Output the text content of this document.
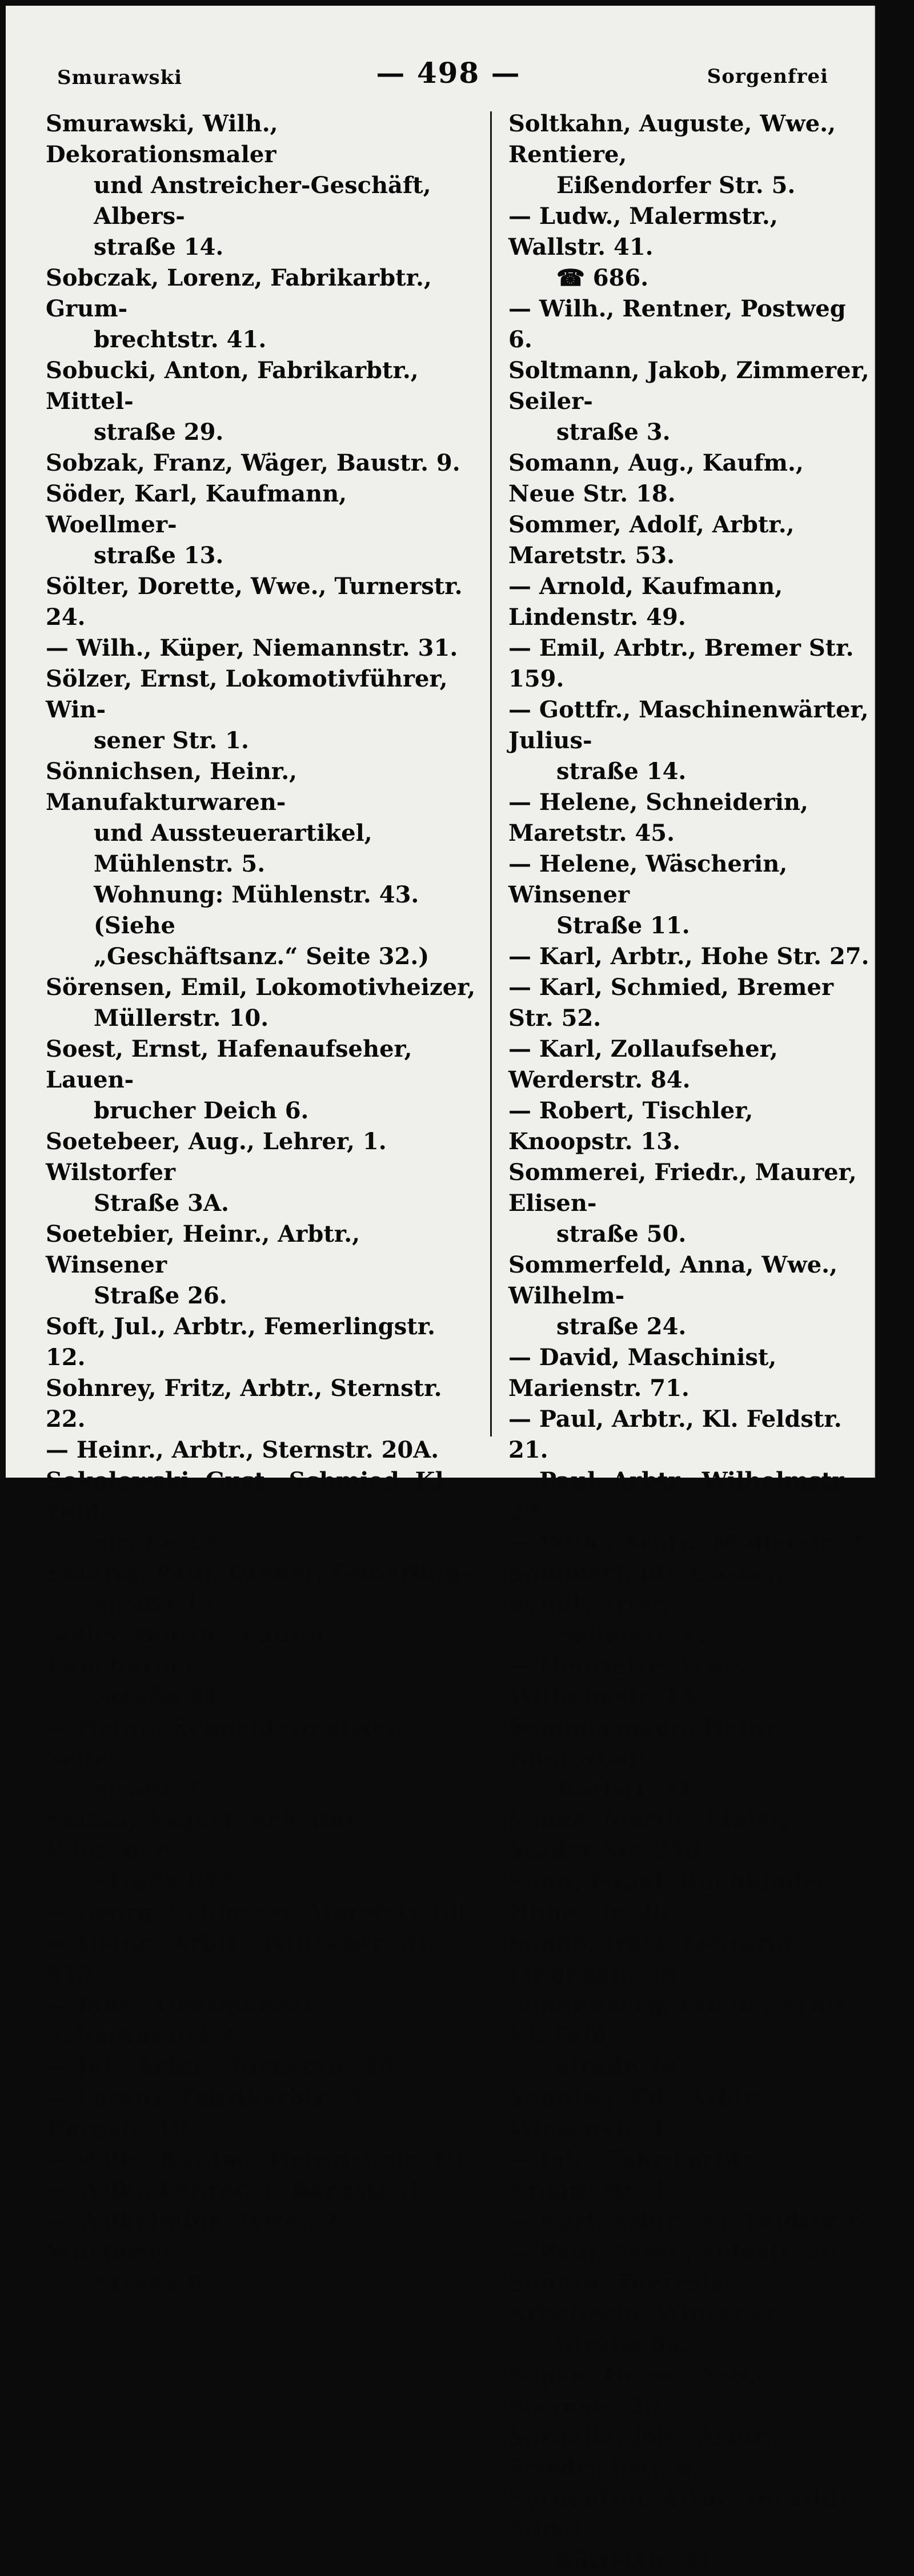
Smurawski	— 498 —	Sorgenfrei
Smurawski, Wilh., Dekorationsmaler
und Anstreicher-Geschäft, Albers-
straße 14.
Sobczak, Lorenz, Fabrikarbtr., Grum-
brechtstr. 41.
Sobucki, Anton, Fabrikarbtr., Mittel-
straße 29.
Sobzak, Franz, Wäger, Baustr. 9.
Söder, Karl, Kaufmann, Woellmer-
straße 13.
Sölter, Dorette, Wwe., Turnerstr. 24.
— Wilh., Küper, Niemannstr. 31.
Sölzer, Ernst, Lokomotivführer, Win-
sener Str. 1.
Sönnichsen, Heinr., Manufakturwaren-
und Aussteuerartikel, Mühlenstr. 5.
Wohnung: Mühlenstr. 43. (Siehe
„Geschäftsanz.“ Seite 32.)
Sörensen, Emil, Lokomotivheizer,
Müllerstr. 10.
Soest, Ernst, Hafenaufseher, Lauen-
brucher Deich 6.
Soetebeer, Aug., Lehrer, 1. Wilstorfer
Straße 3A.
Soetebier, Heinr., Arbtr., Winsener
Straße 26.
Soft, Jul., Arbtr., Femerlingstr. 12.
Sohnrey, Fritz, Arbtr., Sternstr. 22.
— Heinr., Arbtr., Sternstr. 20A.
Sokolowski, Gust., Schmied, Kl. Feld-
straße 23.
Solbrig, Paul, Dreher, Femerling-
straße 17.
Soller, Bernh., Kaufm., Lüneburger
Straße 44.
— Heinr., Schneidermeister, Seiler-
straße 3.
Soltau, August, Arbeiter, Winsener
Straße 81A.
— Georg, Schlosser, Maretstr. 60.
— Heinr., Arbtr., Winsener Str. 81A.
— Johs., Obermeister, Schloßbezirk 4.
— Jul., Arbtr., Turnerstr. 18.
— Lorenz, Fabrikarbtr., 1. Bergstr. 18.
— Wilh., Kaufm., Heinrichstr. 10.
— Wilh., Lehrer, 1. Bergstr. 3.
— Wilhelmine, Wwe., 2. Wilstorfer
Straße 6.
Soltkahn, Auguste, Wwe., Rentiere,
Eißendorfer Str. 5.
— Ludw., Malermstr., Wallstr. 41.
☎ 686.
— Wilh., Rentner, Postweg 6.
Soltmann, Jakob, Zimmerer, Seiler-
straße 3.
Somann, Aug., Kaufm., Neue Str. 18.
Sommer, Adolf, Arbtr., Maretstr. 53.
— Arnold, Kaufmann, Lindenstr. 49.
— Emil, Arbtr., Bremer Str. 159.
— Gottfr., Maschinenwärter, Julius-
straße 14.
— Helene, Schneiderin, Maretstr. 45.
— Helene, Wäscherin, Winsener
Straße 11.
— Karl, Arbtr., Hohe Str. 27.
— Karl, Schmied, Bremer Str. 52.
— Karl, Zollaufseher, Werderstr. 84.
— Robert, Tischler, Knoopstr. 13.
Sommerei, Friedr., Maurer, Elisen-
straße 50.
Sommerfeld, Anna, Wwe., Wilhelm-
straße 24.
— David, Maschinist, Marienstr. 71.
— Paul, Arbtr., Kl. Feldstr. 21.
— Paul, Arbtr., Wilhelmstr. 24.
— Wilh., Arbtr., Müllerstr. 2.
Sommerfeldt, Gustav, Schulwärter,
Seilerstr. 12.
— Henriette, Wwe., Wilhelmstr. 14.
Sommermann, Heinr., Kontorbote,
Karlstr. 31.
Sonke, Martin, Maler, Stader Str. 210.
Sonn, Israel, Buchbinder, Hohe Str. 26.
Sonne, Irma, Lehrerin, Lindenstr. 46.
Sonnenberg, Friedr., Arbtr., Kl. Feld-
straße 14.
Sonntag, Ed., Arbtr., Wiesenstr. 1.
— Joh., Fabrikarbtr., Kniggestr. 3.
— Karl, Arbtr., Kl. Feldstr. 6.
— Paul, Arbtr., Feldstr. 20.
Sontag, Theresia, Arbeiterin, Winsener
Straße 8a.
Sopke, Herm., Arbtr., Sternstr. 28.
Sorgalla, Joh., Arbtr., Friedrichstr. 6.
Sorgenfrei, Artur, Vorarbtr., Eddel-
büttelstr. 11.
